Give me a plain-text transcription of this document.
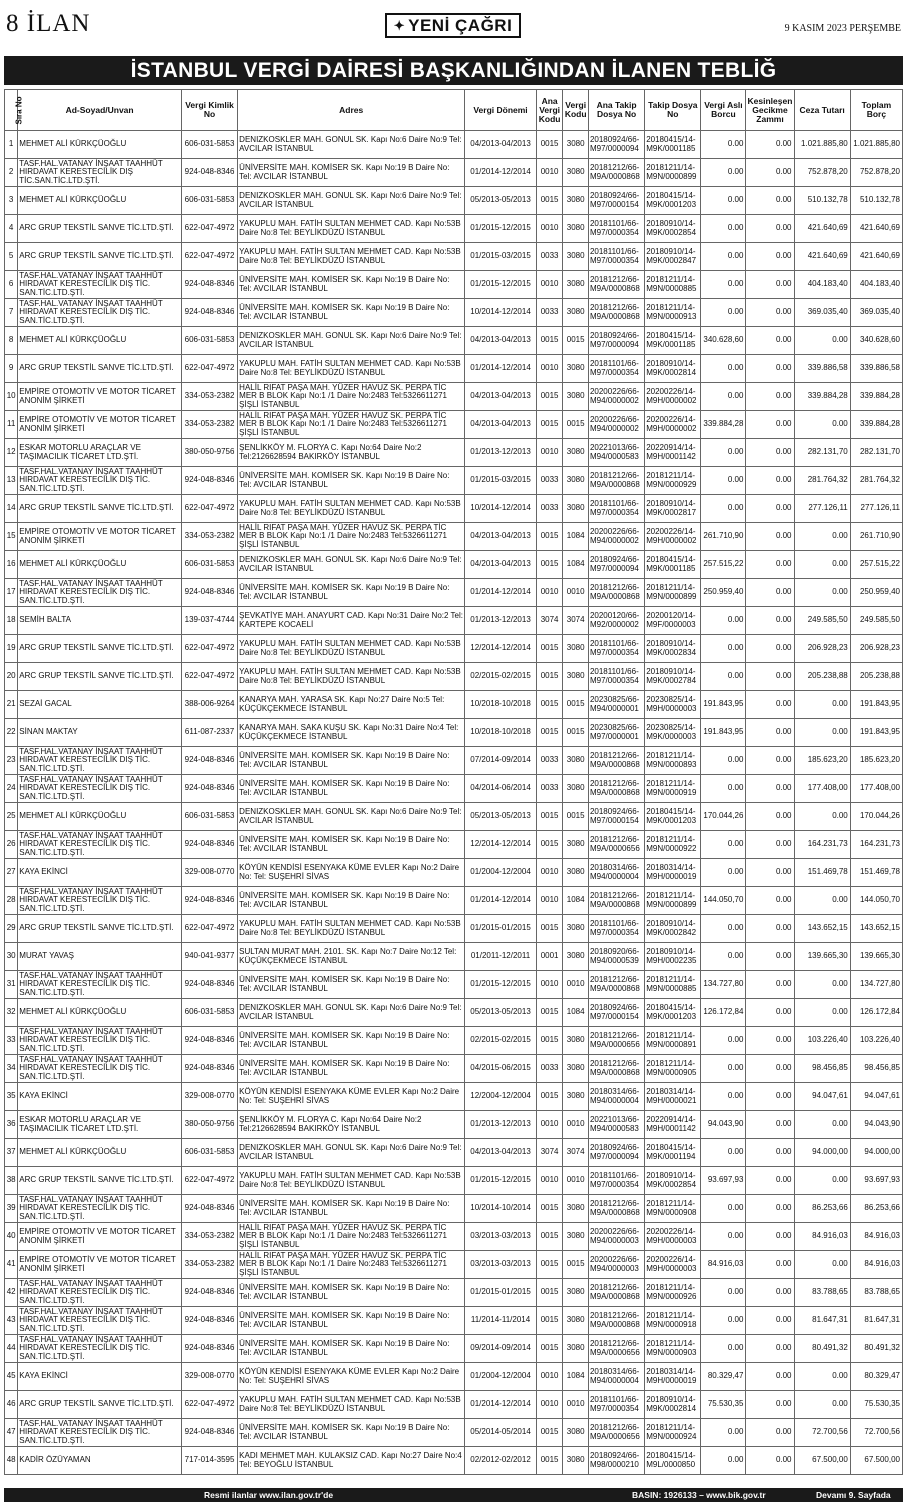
8 İLAN	✦ YENİ ÇAĞRI	9 KASIM 2023 PERŞEMBE
İSTANBUL VERGİ DAİRESİ BAŞKANLIĞINDAN İLANEN TEBLİĞ
Sıra No	Ad-Soyad/Unvan	Vergi Kimlik No	Adres	Vergi Dönemi	Ana Vergi Kodu	Vergi Kodu	Ana Takip Dosya No	Takip Dosya No	Vergi Aslı Borcu	Kesinleşen Gecikme Zammı	Ceza Tutarı	Toplam Borç
1	MEHMET ALİ KÜRKÇÜOĞLU	606-031-5853	DENIZKOSKLER MAH. GONUL SK. Kapı No:6 Daire No:9 Tel: AVCILAR İSTANBUL	04/2013-04/2013	0015	3080	20180924/66-M97/0000094	20180415/14-M9K/0001185	0.00	0.00	1.021.885,80	1.021.885,80
2	TASF.HAL.VATANAY İNŞAAT TAAHHÜT HIRDAVAT KERESTECİLİK DIŞ TİC.SAN.TİC.LTD.ŞTİ.	924-048-8346	ÜNİVERSİTE MAH. KOMİSER SK. Kapı No:19 B Daire No: Tel: AVCILAR İSTANBUL	01/2014-12/2014	0010	3080	20181212/66-M9A/0000868	20181211/14-M9N/0000899	0.00	0.00	752.878,20	752.878,20
3	MEHMET ALİ KÜRKÇÜOĞLU	606-031-5853	DENIZKOSKLER MAH. GONUL SK. Kapı No:6 Daire No:9 Tel: AVCILAR İSTANBUL	05/2013-05/2013	0015	3080	20180924/66-M97/0000154	20180415/14-M9K/0001203	0.00	0.00	510.132,78	510.132,78
4	ARC GRUP TEKSTİL SANVE TİC.LTD.ŞTİ.	622-047-4972	YAKUPLU MAH. FATİH SULTAN MEHMET CAD. Kapı No:53B Daire No:8 Tel: BEYLİKDÜZÜ İSTANBUL	01/2015-12/2015	0010	3080	20181101/66-M97/0000354	20180910/14-M9K/0002854	0.00	0.00	421.640,69	421.640,69
5	ARC GRUP TEKSTİL SANVE TİC.LTD.ŞTİ.	622-047-4972	YAKUPLU MAH. FATİH SULTAN MEHMET CAD. Kapı No:53B Daire No:8 Tel: BEYLİKDÜZÜ İSTANBUL	01/2015-03/2015	0033	3080	20181101/66-M97/0000354	20180910/14-M9K/0002847	0.00	0.00	421.640,69	421.640,69
6	TASF.HAL.VATANAY İNŞAAT TAAHHÜT HIRDAVAT KERESTECİLİK DIŞ TİC. SAN.TİC.LTD.ŞTİ.	924-048-8346	ÜNİVERSİTE MAH. KOMİSER SK. Kapı No:19 B Daire No: Tel: AVCILAR İSTANBUL	01/2015-12/2015	0010	3080	20181212/66-M9A/0000868	20181211/14-M9N/0000885	0.00	0.00	404.183,40	404.183,40
7	TASF.HAL.VATANAY İNŞAAT TAAHHÜT HIRDAVAT KERESTECİLİK DIŞ TİC. SAN.TİC.LTD.ŞTİ.	924-048-8346	ÜNİVERSİTE MAH. KOMİSER SK. Kapı No:19 B Daire No: Tel: AVCILAR İSTANBUL	10/2014-12/2014	0033	3080	20181212/66-M9A/0000868	20181211/14-M9N/0000913	0.00	0.00	369.035,40	369.035,40
8	MEHMET ALİ KÜRKÇÜOĞLU	606-031-5853	DENIZKOSKLER MAH. GONUL SK. Kapı No:6 Daire No:9 Tel: AVCILAR İSTANBUL	04/2013-04/2013	0015	0015	20180924/66-M97/0000094	20180415/14-M9K/0001185	340.628,60	0.00	0.00	340.628,60
9	ARC GRUP TEKSTİL SANVE TİC.LTD.ŞTİ.	622-047-4972	YAKUPLU MAH. FATİH SULTAN MEHMET CAD. Kapı No:53B Daire No:8 Tel: BEYLİKDÜZÜ İSTANBUL	01/2014-12/2014	0010	3080	20181101/66-M97/0000354	20180910/14-M9K/0002814	0.00	0.00	339.886,58	339.886,58
10	EMPİRE OTOMOTİV VE MOTOR TİCARET ANONİM ŞİRKETİ	334-053-2382	HALİL RIFAT PAŞA MAH. YÜZER HAVUZ SK. PERPA TİC MER B BLOK Kapı No:1 /1 Daire No:2483 Tel:5326611271 ŞİŞLİ İSTANBUL	04/2013-04/2013	0015	3080	20200226/66-M94/0000002	20200226/14-M9H/0000002	0.00	0.00	339.884,28	339.884,28
11	EMPİRE OTOMOTİV VE MOTOR TİCARET ANONİM ŞİRKETİ	334-053-2382	HALİL RIFAT PAŞA MAH. YÜZER HAVUZ SK. PERPA TİC MER B BLOK Kapı No:1 /1 Daire No:2483 Tel:5326611271 ŞİŞLİ İSTANBUL	04/2013-04/2013	0015	0015	20200226/66-M94/0000002	20200226/14-M9H/0000002	339.884,28	0.00	0.00	339.884,28
12	ESKAR MOTORLU ARAÇLAR VE TAŞIMACILIK TİCARET LTD.ŞTİ.	380-050-9756	ŞENLİKKÖY M. FLORYA C. Kapı No:64 Daire No:2 Tel:2126628594 BAKIRKÖY İSTANBUL	01/2013-12/2013	0010	3080	20221013/66-M94/0000583	20220914/14-M9H/0001142	0.00	0.00	282.131,70	282.131,70
13	TASF.HAL.VATANAY İNŞAAT TAAHHÜT HIRDAVAT KERESTECİLİK DIŞ TİC. SAN.TİC.LTD.ŞTİ.	924-048-8346	ÜNİVERSİTE MAH. KOMİSER SK. Kapı No:19 B Daire No: Tel: AVCILAR İSTANBUL	01/2015-03/2015	0033	3080	20181212/66-M9A/0000868	20181211/14-M9N/0000929	0.00	0.00	281.764,32	281.764,32
14	ARC GRUP TEKSTİL SANVE TİC.LTD.ŞTİ.	622-047-4972	YAKUPLU MAH. FATİH SULTAN MEHMET CAD. Kapı No:53B Daire No:8 Tel: BEYLİKDÜZÜ İSTANBUL	10/2014-12/2014	0033	3080	20181101/66-M97/0000354	20180910/14-M9K/0002817	0.00	0.00	277.126,11	277.126,11
15	EMPİRE OTOMOTİV VE MOTOR TİCARET ANONİM ŞİRKETİ	334-053-2382	HALİL RIFAT PAŞA MAH. YÜZER HAVUZ SK. PERPA TİC MER B BLOK Kapı No:1 /1 Daire No:2483 Tel:5326611271 ŞİŞLİ İSTANBUL	04/2013-04/2013	0015	1084	20200226/66-M94/0000002	20200226/14-M9H/0000002	261.710,90	0.00	0.00	261.710,90
16	MEHMET ALİ KÜRKÇÜOĞLU	606-031-5853	DENIZKOSKLER MAH. GONUL SK. Kapı No:6 Daire No:9 Tel: AVCILAR İSTANBUL	04/2013-04/2013	0015	1084	20180924/66-M97/0000094	20180415/14-M9K/0001185	257.515,22	0.00	0.00	257.515,22
17	TASF.HAL.VATANAY İNŞAAT TAAHHÜT HIRDAVAT KERESTECİLİK DIŞ TİC. SAN.TİC.LTD.ŞTİ.	924-048-8346	ÜNİVERSİTE MAH. KOMİSER SK. Kapı No:19 B Daire No: Tel: AVCILAR İSTANBUL	01/2014-12/2014	0010	0010	20181212/66-M9A/0000868	20181211/14-M9N/0000899	250.959,40	0.00	0.00	250.959,40
18	SEMİH BALTA	139-037-4744	ŞEVKATİYE MAH. ANAYURT CAD. Kapı No:31 Daire No:2 Tel: KARTEPE KOCAELİ	01/2013-12/2013	3074	3074	20200120/66-M92/0000002	20200120/14-M9F/0000003	0.00	0.00	249.585,50	249.585,50
19	ARC GRUP TEKSTİL SANVE TİC.LTD.ŞTİ.	622-047-4972	YAKUPLU MAH. FATİH SULTAN MEHMET CAD. Kapı No:53B Daire No:8 Tel: BEYLİKDÜZÜ İSTANBUL	12/2014-12/2014	0015	3080	20181101/66-M97/0000354	20180910/14-M9K/0002834	0.00	0.00	206.928,23	206.928,23
20	ARC GRUP TEKSTİL SANVE TİC.LTD.ŞTİ.	622-047-4972	YAKUPLU MAH. FATİH SULTAN MEHMET CAD. Kapı No:53B Daire No:8 Tel: BEYLİKDÜZÜ İSTANBUL	02/2015-02/2015	0015	3080	20181101/66-M97/0000354	20180910/14-M9K/0002784	0.00	0.00	205.238,88	205.238,88
21	SEZAİ GACAL	388-006-9264	KANARYA MAH. YARASA SK. Kapı No:27 Daire No:5 Tel: KÜÇÜKÇEKMECE İSTANBUL	10/2018-10/2018	0015	0015	20230825/66-M94/0000001	20230825/14-M9H/0000003	191.843,95	0.00	0.00	191.843,95
22	SİNAN MAKTAY	611-087-2337	KANARYA MAH. SAKA KUŞU SK. Kapı No:31 Daire No:4 Tel: KÜÇÜKÇEKMECE İSTANBUL	10/2018-10/2018	0015	0015	20230825/66-M97/0000001	20230825/14-M9K/0000003	191.843,95	0.00	0.00	191.843,95
23	TASF.HAL.VATANAY İNŞAAT TAAHHÜT HIRDAVAT KERESTECİLİK DIŞ TİC. SAN.TİC.LTD.ŞTİ.	924-048-8346	ÜNİVERSİTE MAH. KOMİSER SK. Kapı No:19 B Daire No: Tel: AVCILAR İSTANBUL	07/2014-09/2014	0033	3080	20181212/66-M9A/0000868	20181211/14-M9N/0000893	0.00	0.00	185.623,20	185.623,20
24	TASF.HAL.VATANAY İNŞAAT TAAHHÜT HIRDAVAT KERESTECİLİK DIŞ TİC. SAN.TİC.LTD.ŞTİ.	924-048-8346	ÜNİVERSİTE MAH. KOMİSER SK. Kapı No:19 B Daire No: Tel: AVCILAR İSTANBUL	04/2014-06/2014	0033	3080	20181212/66-M9A/0000868	20181211/14-M9N/0000919	0.00	0.00	177.408,00	177.408,00
25	MEHMET ALİ KÜRKÇÜOĞLU	606-031-5853	DENIZKOSKLER MAH. GONUL SK. Kapı No:6 Daire No:9 Tel: AVCILAR İSTANBUL	05/2013-05/2013	0015	0015	20180924/66-M97/0000154	20180415/14-M9K/0001203	170.044,26	0.00	0.00	170.044,26
26	TASF.HAL.VATANAY İNŞAAT TAAHHÜT HIRDAVAT KERESTECİLİK DIŞ TİC. SAN.TİC.LTD.ŞTİ.	924-048-8346	ÜNİVERSİTE MAH. KOMİSER SK. Kapı No:19 B Daire No: Tel: AVCILAR İSTANBUL	12/2014-12/2014	0015	3080	20181212/66-M9A/0000656	20181211/14-M9N/0000922	0.00	0.00	164.231,73	164.231,73
27	KAYA EKİNCİ	329-008-0770	KÖYÜN KENDİSİ ESENYAKA KÜME EVLER Kapı No:2 Daire No: Tel: SUŞEHRİ SİVAS	01/2004-12/2004	0010	3080	20180314/66-M94/0000004	20180314/14-M9H/0000019	0.00	0.00	151.469,78	151.469,78
28	TASF.HAL.VATANAY İNŞAAT TAAHHÜT HIRDAVAT KERESTECİLİK DIŞ TİC. SAN.TİC.LTD.ŞTİ.	924-048-8346	ÜNİVERSİTE MAH. KOMİSER SK. Kapı No:19 B Daire No: Tel: AVCILAR İSTANBUL	01/2014-12/2014	0010	1084	20181212/66-M9A/0000868	20181211/14-M9N/0000899	144.050,70	0.00	0.00	144.050,70
29	ARC GRUP TEKSTİL SANVE TİC.LTD.ŞTİ.	622-047-4972	YAKUPLU MAH. FATİH SULTAN MEHMET CAD. Kapı No:53B Daire No:8 Tel: BEYLİKDÜZÜ İSTANBUL	01/2015-01/2015	0015	3080	20181101/66-M97/0000354	20180910/14-M9K/0002842	0.00	0.00	143.652,15	143.652,15
30	MURAT YAVAŞ	940-041-9377	SULTAN MURAT MAH. 2101. SK. Kapı No:7 Daire No:12 Tel: KÜÇÜKÇEKMECE İSTANBUL	01/2011-12/2011	0001	3080	20180920/66-M94/0000539	20180910/14-M9H/0002235	0.00	0.00	139.665,30	139.665,30
31	TASF.HAL.VATANAY İNŞAAT TAAHHÜT HIRDAVAT KERESTECİLİK DIŞ TİC. SAN.TİC.LTD.ŞTİ.	924-048-8346	ÜNİVERSİTE MAH. KOMİSER SK. Kapı No:19 B Daire No: Tel: AVCILAR İSTANBUL	01/2015-12/2015	0010	0010	20181212/66-M9A/0000868	20181211/14-M9N/0000885	134.727,80	0.00	0.00	134.727,80
32	MEHMET ALİ KÜRKÇÜOĞLU	606-031-5853	DENIZKOSKLER MAH. GONUL SK. Kapı No:6 Daire No:9 Tel: AVCILAR İSTANBUL	05/2013-05/2013	0015	1084	20180924/66-M97/0000154	20180415/14-M9K/0001203	126.172,84	0.00	0.00	126.172,84
33	TASF.HAL.VATANAY İNŞAAT TAAHHÜT HIRDAVAT KERESTECİLİK DIŞ TİC. SAN.TİC.LTD.ŞTİ.	924-048-8346	ÜNİVERSİTE MAH. KOMİSER SK. Kapı No:19 B Daire No: Tel: AVCILAR İSTANBUL	02/2015-02/2015	0015	3080	20181212/66-M9A/0000656	20181211/14-M9N/0000891	0.00	0.00	103.226,40	103.226,40
34	TASF.HAL.VATANAY İNŞAAT TAAHHÜT HIRDAVAT KERESTECİLİK DIŞ TİC. SAN.TİC.LTD.ŞTİ.	924-048-8346	ÜNİVERSİTE MAH. KOMİSER SK. Kapı No:19 B Daire No: Tel: AVCILAR İSTANBUL	04/2015-06/2015	0033	3080	20181212/66-M9A/0000868	20181211/14-M9N/0000905	0.00	0.00	98.456,85	98.456,85
35	KAYA EKİNCİ	329-008-0770	KÖYÜN KENDİSİ ESENYAKA KÜME EVLER Kapı No:2 Daire No: Tel: SUŞEHRİ SİVAS	12/2004-12/2004	0015	3080	20180314/66-M94/0000004	20180314/14-M9H/0000021	0.00	0.00	94.047,61	94.047,61
36	ESKAR MOTORLU ARAÇLAR VE TAŞIMACILIK TİCARET LTD.ŞTİ.	380-050-9756	ŞENLİKKÖY M. FLORYA C. Kapı No:64 Daire No:2 Tel:2126628594 BAKIRKÖY İSTANBUL	01/2013-12/2013	0010	0010	20221013/66-M94/0000583	20220914/14-M9H/0001142	94.043,90	0.00	0.00	94.043,90
37	MEHMET ALİ KÜRKÇÜOĞLU	606-031-5853	DENIZKOSKLER MAH. GONUL SK. Kapı No:6 Daire No:9 Tel: AVCILAR İSTANBUL	04/2013-04/2013	3074	3074	20180924/66-M97/0000094	20180415/14-M9K/0001194	0.00	0.00	94.000,00	94.000,00
38	ARC GRUP TEKSTİL SANVE TİC.LTD.ŞTİ.	622-047-4972	YAKUPLU MAH. FATİH SULTAN MEHMET CAD. Kapı No:53B Daire No:8 Tel: BEYLİKDÜZÜ İSTANBUL	01/2015-12/2015	0010	0010	20181101/66-M97/0000354	20180910/14-M9K/0002854	93.697,93	0.00	0.00	93.697,93
39	TASF.HAL.VATANAY İNŞAAT TAAHHÜT HIRDAVAT KERESTECİLİK DIŞ TİC. SAN.TİC.LTD.ŞTİ.	924-048-8346	ÜNİVERSİTE MAH. KOMİSER SK. Kapı No:19 B Daire No: Tel: AVCILAR İSTANBUL	10/2014-10/2014	0015	3080	20181212/66-M9A/0000868	20181211/14-M9N/0000908	0.00	0.00	86.253,66	86.253,66
40	EMPİRE OTOMOTİV VE MOTOR TİCARET ANONİM ŞİRKETİ	334-053-2382	HALİL RIFAT PAŞA MAH. YÜZER HAVUZ SK. PERPA TİC MER B BLOK Kapı No:1 /1 Daire No:2483 Tel:5326611271 ŞİŞLİ İSTANBUL	03/2013-03/2013	0015	3080	20200226/66-M94/0000003	20200226/14-M9H/0000003	0.00	0.00	84.916,03	84.916,03
41	EMPİRE OTOMOTİV VE MOTOR TİCARET ANONİM ŞİRKETİ	334-053-2382	HALİL RIFAT PAŞA MAH. YÜZER HAVUZ SK. PERPA TİC MER B BLOK Kapı No:1 /1 Daire No:2483 Tel:5326611271 ŞİŞLİ İSTANBUL	03/2013-03/2013	0015	0015	20200226/66-M94/0000003	20200226/14-M9H/0000003	84.916,03	0.00	0.00	84.916,03
42	TASF.HAL.VATANAY İNŞAAT TAAHHÜT HIRDAVAT KERESTECİLİK DIŞ TİC. SAN.TİC.LTD.ŞTİ.	924-048-8346	ÜNİVERSİTE MAH. KOMİSER SK. Kapı No:19 B Daire No: Tel: AVCILAR İSTANBUL	01/2015-01/2015	0015	3080	20181212/66-M9A/0000868	20181211/14-M9N/0000926	0.00	0.00	83.788,65	83.788,65
43	TASF.HAL.VATANAY İNŞAAT TAAHHÜT HIRDAVAT KERESTECİLİK DIŞ TİC. SAN.TİC.LTD.ŞTİ.	924-048-8346	ÜNİVERSİTE MAH. KOMİSER SK. Kapı No:19 B Daire No: Tel: AVCILAR İSTANBUL	11/2014-11/2014	0015	3080	20181212/66-M9A/0000868	20181211/14-M9N/0000918	0.00	0.00	81.647,31	81.647,31
44	TASF.HAL.VATANAY İNŞAAT TAAHHÜT HIRDAVAT KERESTECİLİK DIŞ TİC. SAN.TİC.LTD.ŞTİ.	924-048-8346	ÜNİVERSİTE MAH. KOMİSER SK. Kapı No:19 B Daire No: Tel: AVCILAR İSTANBUL	09/2014-09/2014	0015	3080	20181212/66-M9A/0000656	20181211/14-M9N/0000903	0.00	0.00	80.491,32	80.491,32
45	KAYA EKİNCİ	329-008-0770	KÖYÜN KENDİSİ ESENYAKA KÜME EVLER Kapı No:2 Daire No: Tel: SUŞEHRİ SİVAS	01/2004-12/2004	0010	1084	20180314/66-M94/0000004	20180314/14-M9H/0000019	80.329,47	0.00	0.00	80.329,47
46	ARC GRUP TEKSTİL SANVE TİC.LTD.ŞTİ.	622-047-4972	YAKUPLU MAH. FATİH SULTAN MEHMET CAD. Kapı No:53B Daire No:8 Tel: BEYLİKDÜZÜ İSTANBUL	01/2014-12/2014	0010	0010	20181101/66-M97/0000354	20180910/14-M9K/0002814	75.530,35	0.00	0.00	75.530,35
47	TASF.HAL.VATANAY İNŞAAT TAAHHÜT HIRDAVAT KERESTECİLİK DIŞ TİC. SAN.TİC.LTD.ŞTİ.	924-048-8346	ÜNİVERSİTE MAH. KOMİSER SK. Kapı No:19 B Daire No: Tel: AVCILAR İSTANBUL	05/2014-05/2014	0015	3080	20181212/66-M9A/0000656	20181211/14-M9N/0000924	0.00	0.00	72.700,56	72.700,56
48	KADİR ÖZÜYAMAN	717-014-3595	KADI MEHMET MAH. KULAKSIZ CAD. Kapı No:27 Daire No:4 Tel: BEYOĞLU İSTANBUL	02/2012-02/2012	0015	3080	20180924/66-M98/0000210	20180415/14-M9L/0000850	0.00	0.00	67.500,00	67.500,00
Resmi ilanlar www.ilan.gov.tr'de	BASIN: 1926133 – www.bik.gov.tr	Devamı 9. Sayfada
